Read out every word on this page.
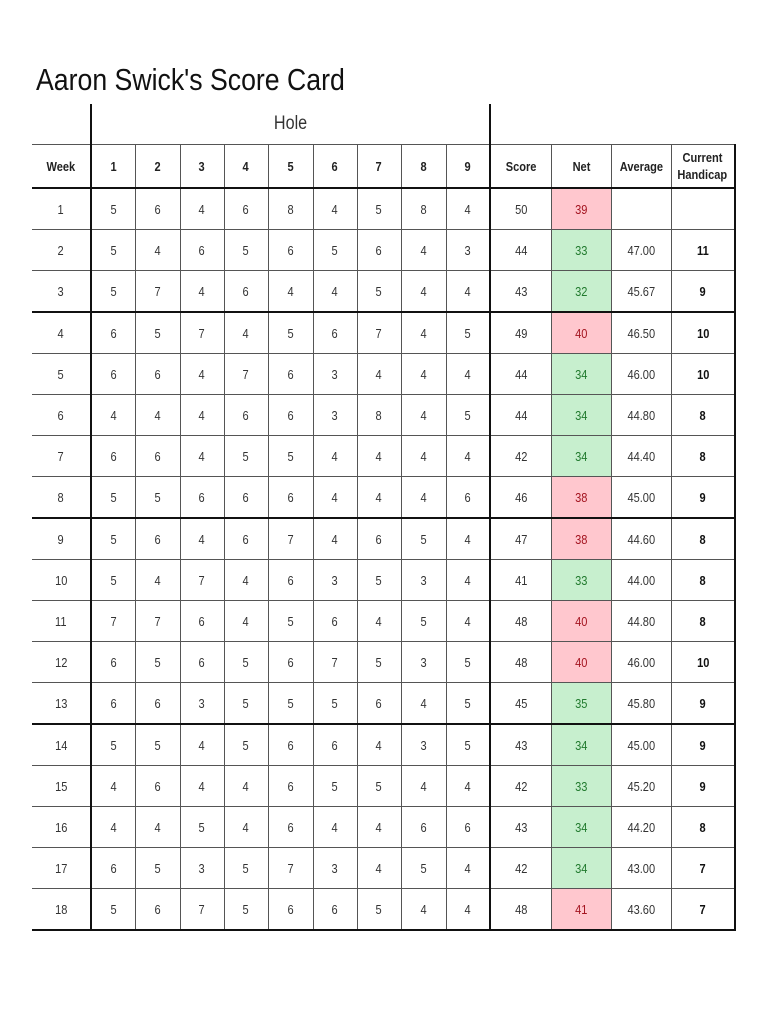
Aaron Swick's Score Card
	Hole												
Week	1	2	3	4	5	6	7	8	9	Score	Net	Average	Current
Handicap
1	5	6	4	6	8	4	5	8	4	50	39		
2	5	4	6	5	6	5	6	4	3	44	33	47.00	11
3	5	7	4	6	4	4	5	4	4	43	32	45.67	9
4	6	5	7	4	5	6	7	4	5	49	40	46.50	10
5	6	6	4	7	6	3	4	4	4	44	34	46.00	10
6	4	4	4	6	6	3	8	4	5	44	34	44.80	8
7	6	6	4	5	5	4	4	4	4	42	34	44.40	8
8	5	5	6	6	6	4	4	4	6	46	38	45.00	9
9	5	6	4	6	7	4	6	5	4	47	38	44.60	8
10	5	4	7	4	6	3	5	3	4	41	33	44.00	8
11	7	7	6	4	5	6	4	5	4	48	40	44.80	8
12	6	5	6	5	6	7	5	3	5	48	40	46.00	10
13	6	6	3	5	5	5	6	4	5	45	35	45.80	9
14	5	5	4	5	6	6	4	3	5	43	34	45.00	9
15	4	6	4	4	6	5	5	4	4	42	33	45.20	9
16	4	4	5	4	6	4	4	6	6	43	34	44.20	8
17	6	5	3	5	7	3	4	5	4	42	34	43.00	7
18	5	6	7	5	6	6	5	4	4	48	41	43.60	7
